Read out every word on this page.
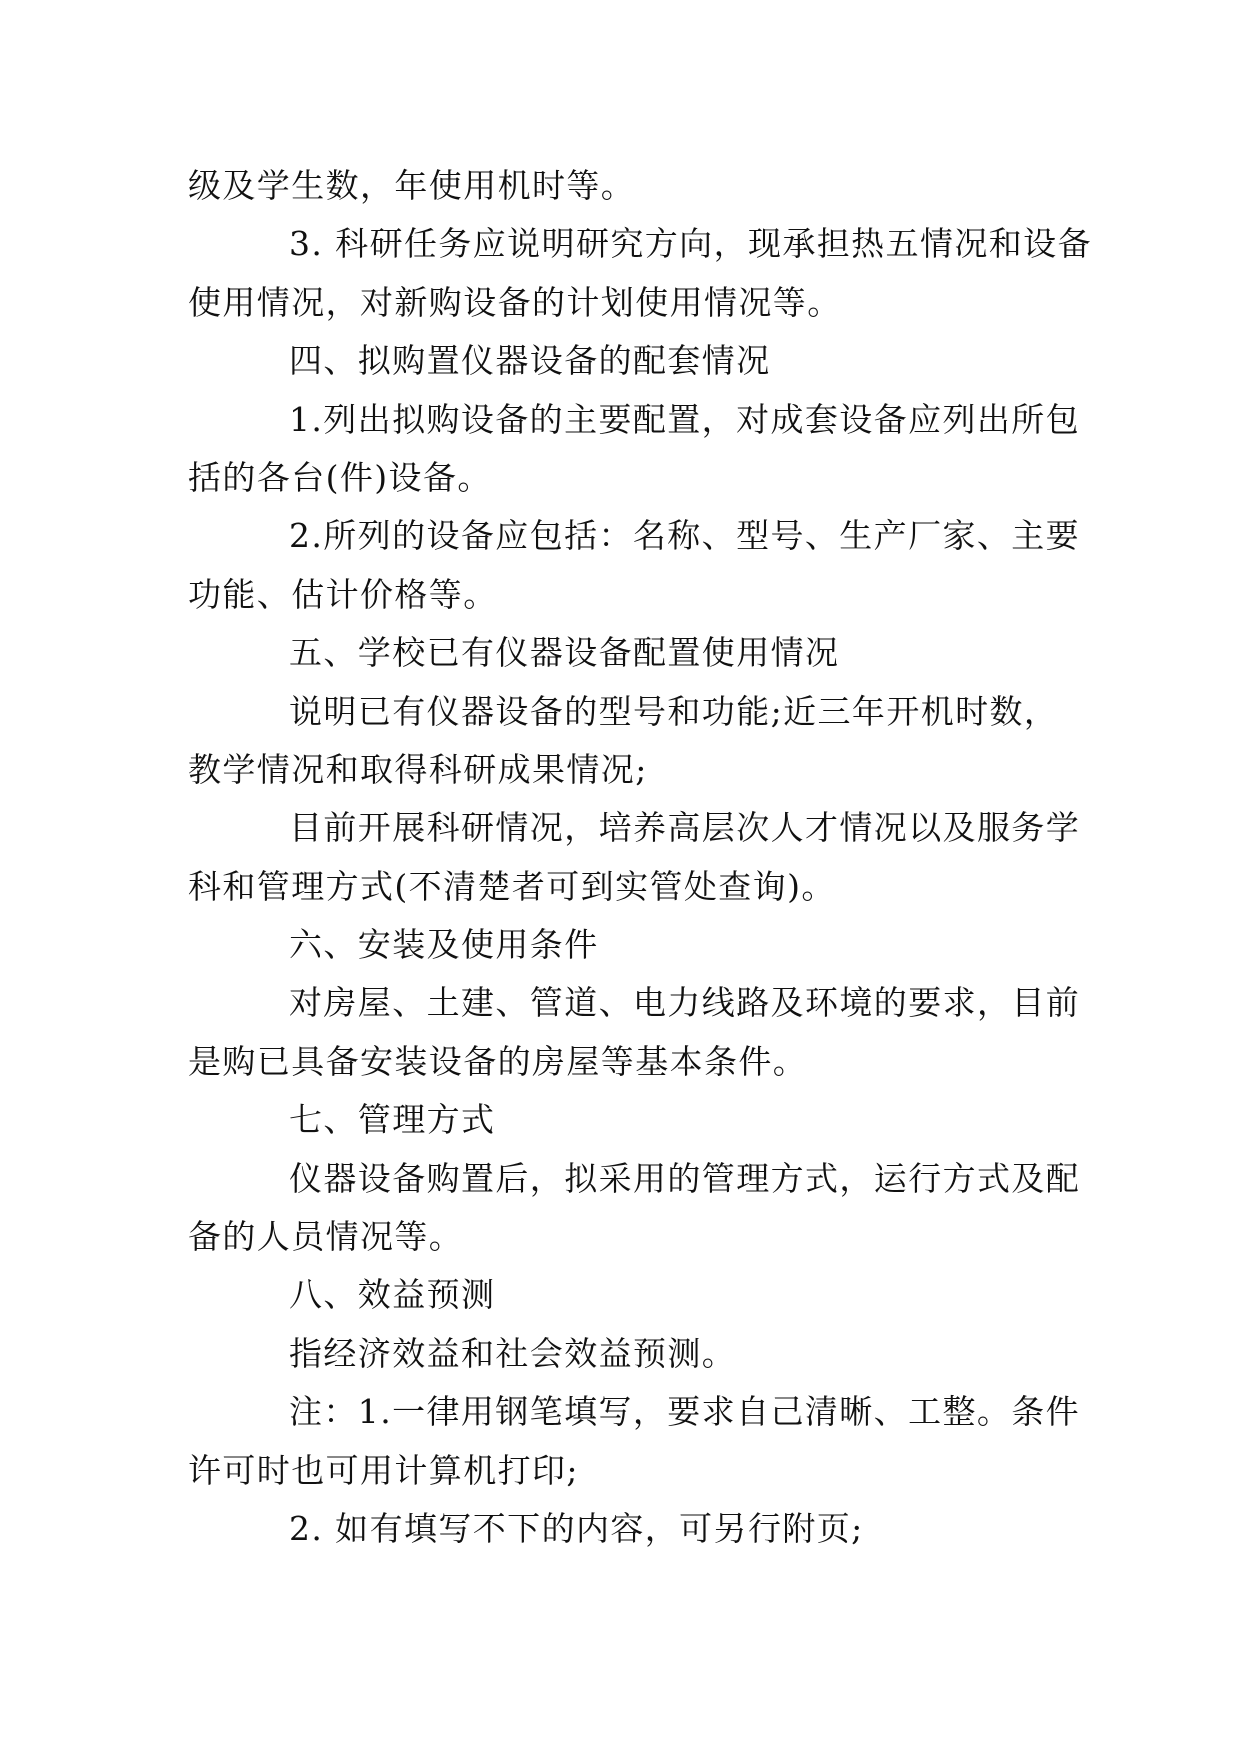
级及学生数，年使用机时等。
3. 科研任务应说明研究方向，现承担热五情况和设备
使用情况，对新购设备的计划使用情况等。
四、拟购置仪器设备的配套情况
1.列出拟购设备的主要配置，对成套设备应列出所包
括的各台(件)设备。
2.所列的设备应包括：名称、型号、生产厂家、主要
功能、估计价格等。
五、学校已有仪器设备配置使用情况
说明已有仪器设备的型号和功能;近三年开机时数，
教学情况和取得科研成果情况;
目前开展科研情况，培养高层次人才情况以及服务学
科和管理方式(不清楚者可到实管处查询)。
六、安装及使用条件
对房屋、土建、管道、电力线路及环境的要求，目前
是购已具备安装设备的房屋等基本条件。
七、管理方式
仪器设备购置后，拟采用的管理方式，运行方式及配
备的人员情况等。
八、效益预测
指经济效益和社会效益预测。
注：1.一律用钢笔填写，要求自己清晰、工整。条件
许可时也可用计算机打印;
2. 如有填写不下的内容，可另行附页;
